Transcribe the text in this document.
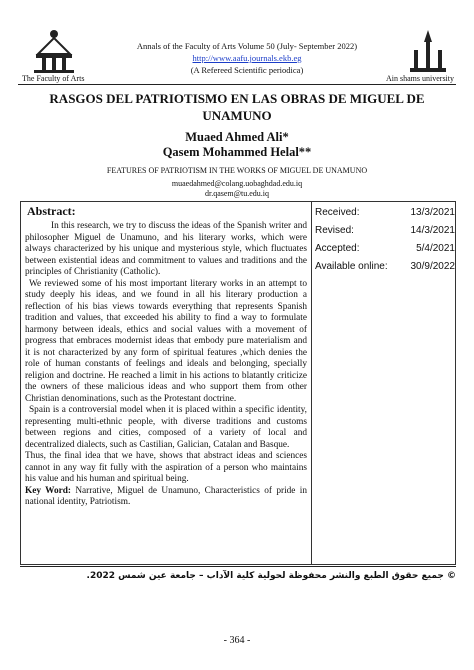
The Faculty of Arts
Annals of the Faculty of Arts Volume 50 (July- September 2022)
http://www.aafu.journals.ekb.eg
(A Refereed Scientific periodica)
Ain shams university
RASGOS DEL PATRIOTISMO EN LAS OBRAS DE MIGUEL DE UNAMUNO
Muaed Ahmed Ali*
Qasem Mohammed Helal**
FEATURES OF PATRIOTISM IN THE WORKS OF MIGUEL DE UNAMUNO
muaedahmed@colang.uobaghdad.edu.iq
dr.qasem@tu.edu.iq
Abstract:

In this research, we try to discuss the ideas of the Spanish writer and philosopher Miguel de Unamuno, and his literary works, which were always characterized by his unique and mysterious style, which fluctuates between existential ideas and commitment to values and traditions and the principles of Christianity (Catholic).

We reviewed some of his most important literary works in an attempt to study deeply his ideas, and we found in all his literary production a reflection of his bias views towards everything that represents Spanish tradition and values, that exceeded his ability to find a way to formulate harmony between ideals, ethics and social values with a movement of progress that embraces modernist ideas that embody pure materialism and it is not characterized by any form of spiritual features ,which denies the role of human constants of feelings and ideals and belonging, specially religion and doctrine. He reached a limit in his actions to blatantly criticize the owners of these malicious ideas and who support them from other Christian denominations, such as the Protestant doctrine.

Spain is a controversial model when it is placed within a specific identity, representing multi-ethnic people, with diverse traditions and customs between regions and cities, composed of a variety of local and decentralized dialects, such as Castilian, Galician, Catalan and Basque.

Thus, the final idea that we have, shows that abstract ideas and sciences cannot in any way fit fully with the aspiration of a person who maintains his value and his human and spiritual being.

Key Word: Narrative, Miguel de Unamuno, Characteristics of pride in national identity, Patriotism.

Received:	13/3/2021
Revised:	14/3/2021
Accepted:	5/4/2021
Available online: 30/9/2022
© جميع حقوق الطبع والنشر محفوظة لحولية كلية الآداب – جامعة عين شمس 2022.
- 364 -
